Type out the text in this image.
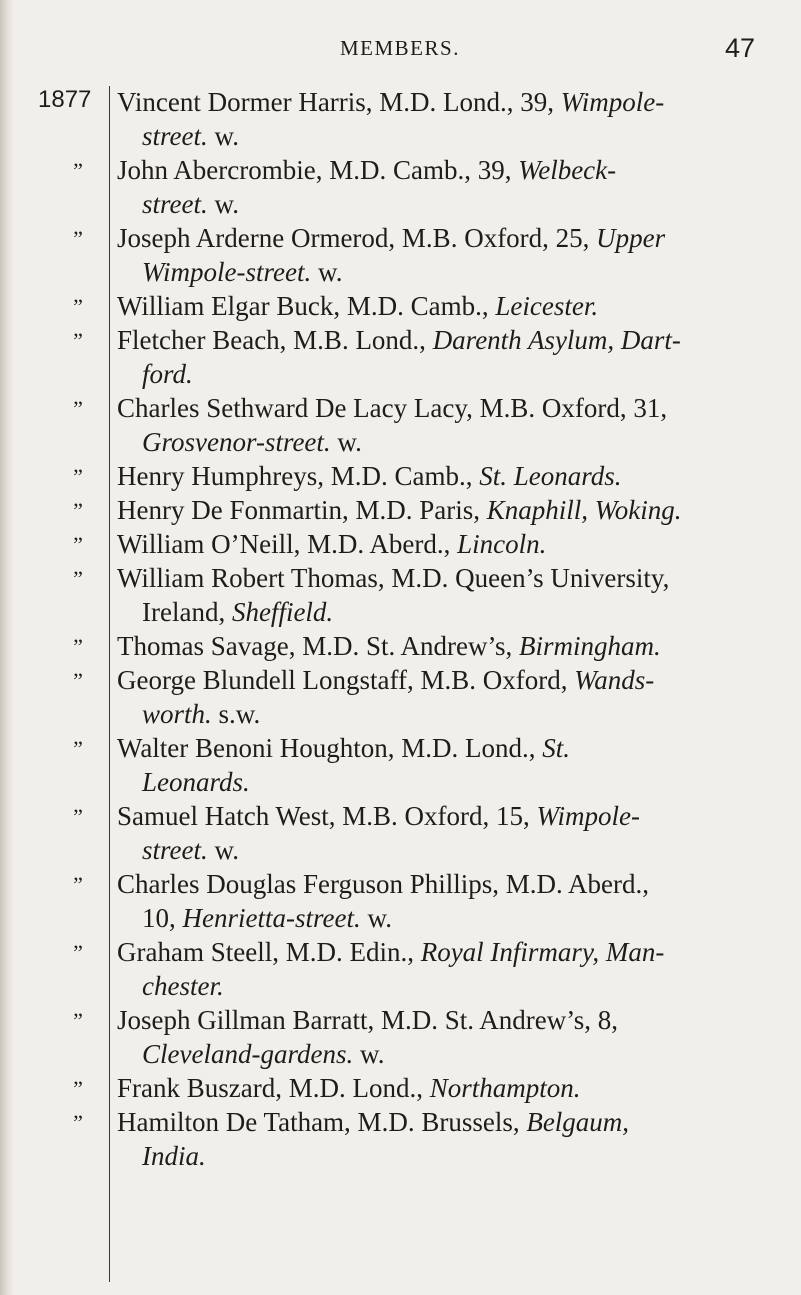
MEMBERS.	47
1877 Vincent Dormer Harris, M.D. Lond., 39, Wimpole-
street. w.
”	John Abercrombie, M.D. Camb., 39, Welbeck-
street. w.
”	Joseph Arderne Ormerod, M.B. Oxford, 25, Upper
Wimpole-street. w.
”	William Elgar Buck, M.D. Camb., Leicester.
”	Fletcher Beach, M.B. Lond., Darenth Asylum, Dart-
ford.
”	Charles Sethward De Lacy Lacy, M.B. Oxford, 31,
Grosvenor-street. w.
”	Henry Humphreys, M.D. Camb., St. Leonards.
”	Henry De Fonmartin, M.D. Paris, Knaphill, Woking.
”	William O’Neill, M.D. Aberd., Lincoln.
”	William Robert Thomas, M.D. Queen’s University,
Ireland, Sheffield.
”	Thomas Savage, M.D. St. Andrew’s, Birmingham.
”	George Blundell Longstaff, M.B. Oxford, Wands-
worth. s.w.
”	Walter Benoni Houghton, M.D. Lond., St.
Leonards.
”	Samuel Hatch West, M.B. Oxford, 15, Wimpole-
street. w.
”	Charles Douglas Ferguson Phillips, M.D. Aberd.,
10, Henrietta-street. w.
”	Graham Steell, M.D. Edin., Royal Infirmary, Man-
chester.
”	Joseph Gillman Barratt, M.D. St. Andrew’s, 8,
Cleveland-gardens. w.
”	Frank Buszard, M.D. Lond., Northampton.
”	Hamilton De Tatham, M.D. Brussels, Belgaum,
India.
